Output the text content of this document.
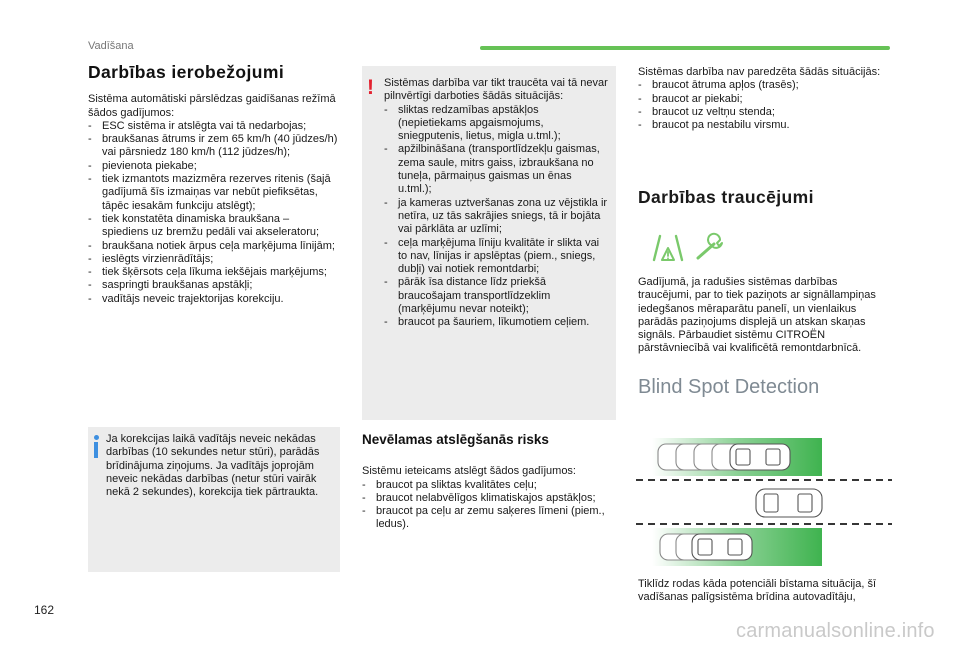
Vadīšana
Darbības ierobežojumi

Sistēma automātiski pārslēdzas gaidīšanas režīmā šādos gadījumos:

- ESC sistēma ir atslēgta vai tā nedarbojas;
- braukšanas ātrums ir zem 65 km/h (40 jūdzes/h) vai pārsniedz 180 km/h (112 jūdzes/h);
- pievienota piekabe;
- tiek izmantots mazizmēra rezerves ritenis (šajā gadījumā šīs izmaiņas var nebūt piefiksētas, tāpēc iesakām funkciju atslēgt);
- tiek konstatēta dinamiska braukšana – spiediens uz bremžu pedāli vai akseleratoru;
- braukšana notiek ārpus ceļa marķējuma līnijām;
- ieslēgts virzienrādītājs;
- tiek šķērsots ceļa līkuma iekšējais marķējums;
- saspringti braukšanas apstākļi;
- vadītājs neveic trajektorijas korekciju.

Ja korekcijas laikā vadītājs neveic nekādas darbības (10 sekundes netur stūri), parādās brīdinājuma ziņojums. Ja vadītājs joprojām neveic nekādas darbības (netur stūri vairāk nekā 2 sekundes), korekcija tiek pārtraukta.

! Sistēmas darbība var tikt traucēta vai tā nevar pilnvērtīgi darboties šādās situācijās:

- sliktas redzamības apstākļos (nepietiekams apgaismojums, sniegputenis, lietus, migla u.tml.);
- apžilbināšana (transportlīdzekļu gaismas, zema saule, mitrs gaiss, izbraukšana no tuneļa, pārmaiņus gaismas un ēnas u.tml.);
- ja kameras uztveršanas zona uz vējstikla ir netīra, uz tās sakrājies sniegs, tā ir bojāta vai pārklāta ar uzlīmi;
- ceļa marķējuma līniju kvalitāte ir slikta vai to nav, līnijas ir apslēptas (piem., sniegs, dubļi) vai notiek remontdarbi;
- pārāk īsa distance līdz priekšā braucošajam transportlīdzeklim (marķējumu nevar noteikt);
- braucot pa šauriem, līkumotiem ceļiem.
Nevēlamas atslēgšanās risks

Sistēmu ieteicams atslēgt šādos gadījumos:

- braucot pa sliktas kvalitātes ceļu;
- braucot nelabvēlīgos klimatiskajos apstākļos;
- braucot pa ceļu ar zemu saķeres līmeni (piem., ledus).

Sistēmas darbība nav paredzēta šādās situācijās:

- braucot ātruma apļos (trasēs);
- braucot ar piekabi;
- braucot uz veltņu stenda;
- braucot pa nestabilu virsmu.
Darbības traucējumi

Gadījumā, ja radušies sistēmas darbības traucējumi, par to tiek paziņots ar signāllampiņas iedegšanos mēraparātu panelī, un vienlaikus parādās paziņojums displejā un atskan skaņas signāls. Pārbaudiet sistēmu CITROËN pārstāvniecībā vai kvalificētā remontdarbnīcā.

Blind Spot Detection

Tiklīdz rodas kāda potenciāli bīstama situācija, šī vadīšanas palīgsistēma brīdina autovadītāju,

162
carmanualsonline.info
